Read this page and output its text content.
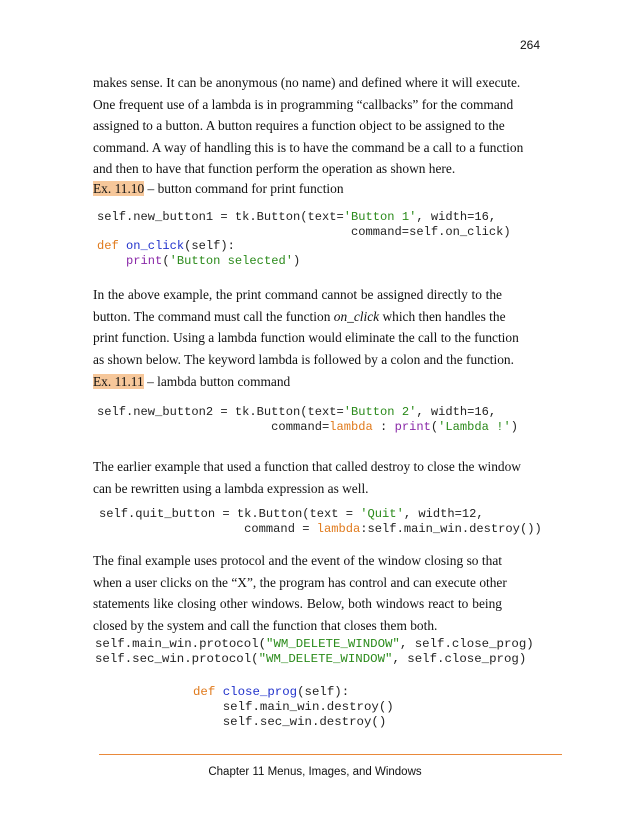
264
makes sense. It can be anonymous (no name) and defined where it will execute.
One frequent use of a lambda is in programming “callbacks” for the command
assigned to a button. A button requires a function object to be assigned to the
command. A way of handling this is to have the command be a call to a function
and then to have that function perform the operation as shown here.
Ex. 11.10 – button command for print function
self.new_button1 = tk.Button(text='Button 1', width=16,
command=self.on_click)
def on_click(self):
print('Button selected')
In the above example, the print command cannot be assigned directly to the
button. The command must call the function on_click which then handles the
print function. Using a lambda function would eliminate the call to the function
as shown below. The keyword lambda is followed by a colon and the function.
Ex. 11.11 – lambda button command
self.new_button2 = tk.Button(text='Button 2', width=16,
command=lambda : print('Lambda !')
The earlier example that used a function that called destroy to close the window
can be rewritten using a lambda expression as well.
self.quit_button = tk.Button(text = 'Quit', width=12,
command = lambda:self.main_win.destroy())
The final example uses protocol and the event of the window closing so that
when a user clicks on the “X”, the program has control and can execute other
statements like closing other windows. Below, both windows react to being
closed by the system and call the function that closes them both.
self.main_win.protocol("WM_DELETE_WINDOW", self.close_prog)
self.sec_win.protocol("WM_DELETE_WINDOW", self.close_prog)
def close_prog(self):
self.main_win.destroy()
self.sec_win.destroy()
Chapter 11 Menus, Images, and Windows
